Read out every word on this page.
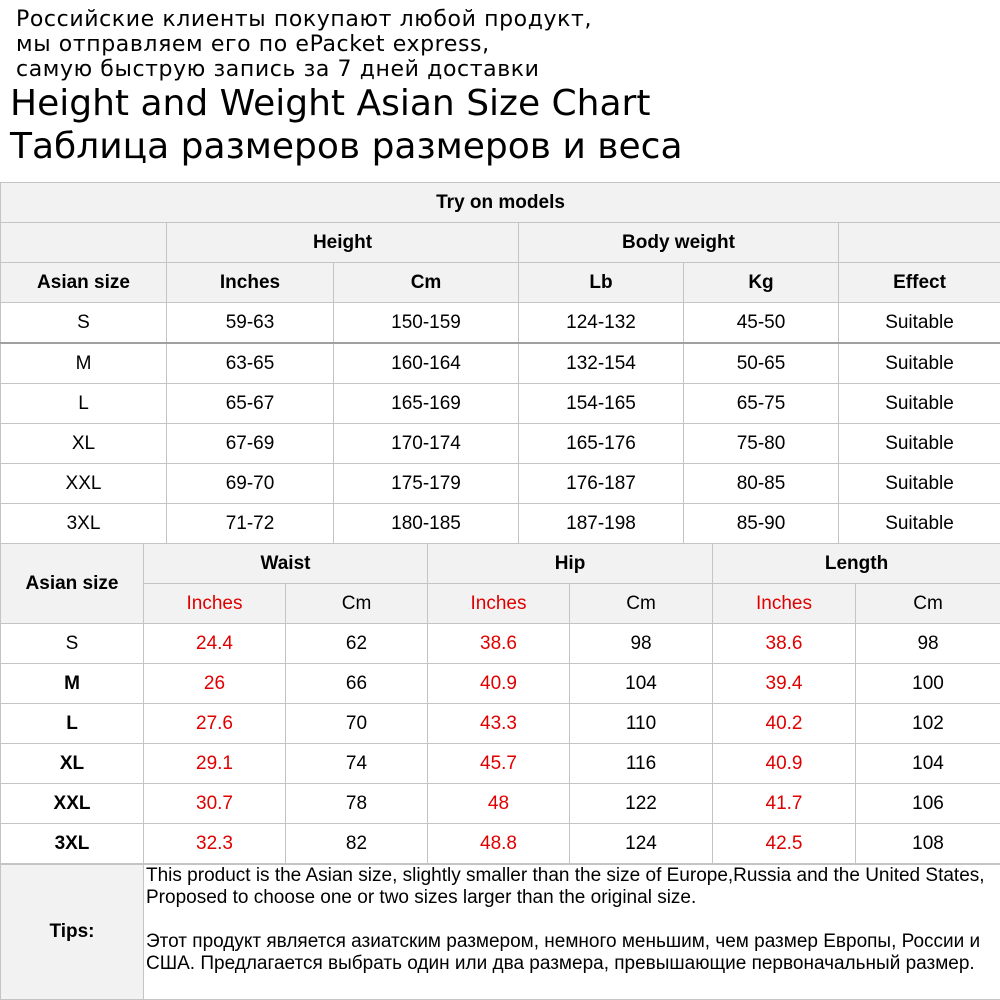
Российские клиенты покупают любой продукт,
мы отправляем его по ePacket express,
самую быструю запись за 7 дней доставки
Height and Weight Asian Size Chart
Таблица размеров размеров и веса
Try on models					
	Height		Body weight		
Asian size	Inches	Cm	Lb	Kg	Effect
S	59-63	150-159	124-132	45-50	Suitable
M	63-65	160-164	132-154	50-65	Suitable
L	65-67	165-169	154-165	65-75	Suitable
XL	67-69	170-174	165-176	75-80	Suitable
XXL	69-70	175-179	176-187	80-85	Suitable
3XL	71-72	180-185	187-198	85-90	Suitable
Asian size	Waist		Hip		Length	
	Inches	Cm	Inches	Cm	Inches	Cm
S	24.4	62	38.6	98	38.6	98
M	26	66	40.9	104	39.4	100
L	27.6	70	43.3	110	40.2	102
XL	29.1	74	45.7	116	40.9	104
XXL	30.7	78	48	122	41.7	106
3XL	32.3	82	48.8	124	42.5	108
Tips:	

This product is the Asian size, slightly smaller than the size of Europe,Russia and the United States, Proposed to choose one or two sizes larger than the original size.

Этот продукт является азиатским размером, немного меньшим, чем размер Европы, России и США. Предлагается выбрать один или два размера, превышающие первоначальный размер.
